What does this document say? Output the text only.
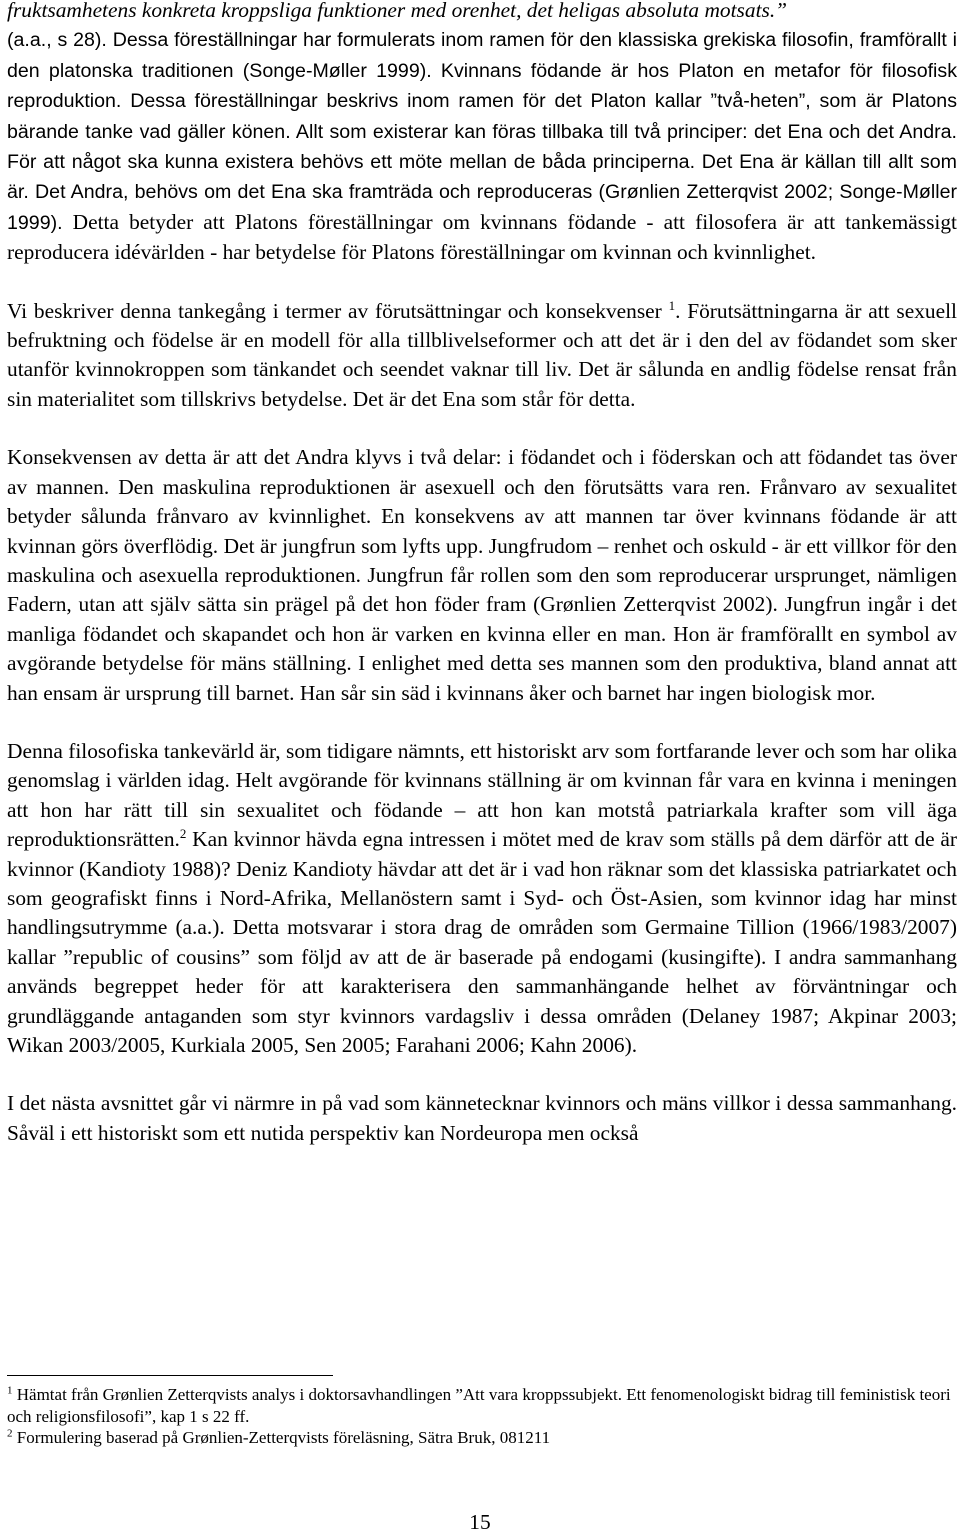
fruktsamhetens konkreta kroppsliga funktioner med orenhet, det heligas absoluta motsats.”
(a.a., s 28). Dessa föreställningar har formulerats inom ramen för den klassiska grekiska filosofin, framförallt i den platonska traditionen (Songe-Møller 1999). Kvinnans födande är hos Platon en metafor för filosofisk reproduktion. Dessa föreställningar beskrivs inom ramen för det Platon kallar ”två-heten”, som är Platons bärande tanke vad gäller könen. Allt som existerar kan föras tillbaka till två principer: det Ena och det Andra. För att något ska kunna existera behövs ett möte mellan de båda principerna. Det Ena är källan till allt som är. Det Andra, behövs om det Ena ska framträda och reproduceras (Grønlien Zetterqvist 2002; Songe-Møller 1999). Detta betyder att Platons föreställningar om kvinnans födande - att filosofera är att tankemässigt reproducera idévärlden - har betydelse för Platons föreställningar om kvinnan och kvinnlighet.

Vi beskriver denna tankegång i termer av förutsättningar och konsekvenser $^1$. Förutsättningarna är att sexuell befruktning och födelse är en modell för alla tillblivelseformer och att det är i den del av födandet som sker utanför kvinnokroppen som tänkandet och seendet vaknar till liv. Det är sålunda en andlig födelse rensat från sin materialitet som tillskrivs betydelse. Det är det Ena som står för detta.

Konsekvensen av detta är att det Andra klyvs i två delar: i födandet och i föderskan och att födandet tas över av mannen. Den maskulina reproduktionen är asexuell och den förutsätts vara ren. Frånvaro av sexualitet betyder sålunda frånvaro av kvinnlighet. En konsekvens av att mannen tar över kvinnans födande är att kvinnan görs överflödig. Det är jungfrun som lyfts upp. Jungfrudom – renhet och oskuld - är ett villkor för den maskulina och asexuella reproduktionen. Jungfrun får rollen som den som reproducerar ursprunget, nämligen Fadern, utan att själv sätta sin prägel på det hon föder fram (Grønlien Zetterqvist 2002). Jungfrun ingår i det manliga födandet och skapandet och hon är varken en kvinna eller en man. Hon är framförallt en symbol av avgörande betydelse för mäns ställning. I enlighet med detta ses mannen som den produktiva, bland annat att han ensam är ursprung till barnet. Han sår sin säd i kvinnans åker och barnet har ingen biologisk mor.

Denna filosofiska tankevärld är, som tidigare nämnts, ett historiskt arv som fortfarande lever och som har olika genomslag i världen idag. Helt avgörande för kvinnans ställning är om kvinnan får vara en kvinna i meningen att hon har rätt till sin sexualitet och födande – att hon kan motstå patriarkala krafter som vill äga reproduktionsrätten.$^2$ Kan kvinnor hävda egna intressen i mötet med de krav som ställs på dem därför att de är kvinnor (Kandioty 1988)? Deniz Kandioty hävdar att det är i vad hon räknar som det klassiska patriarkatet och som geografiskt finns i Nord-Afrika, Mellanöstern samt i Syd- och Öst-Asien, som kvinnor idag har minst handlingsutrymme (a.a.). Detta motsvarar i stora drag de områden som Germaine Tillion (1966/1983/2007) kallar ”republic of cousins” som följd av att de är baserade på endogami (kusingifte). I andra sammanhang används begreppet heder för att karakterisera den sammanhängande helhet av förväntningar och grundläggande antaganden som styr kvinnors vardagsliv i dessa områden (Delaney 1987; Akpinar 2003; Wikan 2003/2005, Kurkiala 2005, Sen 2005; Farahani 2006; Kahn 2006).

I det nästa avsnittet går vi närmre in på vad som kännetecknar kvinnors och mäns villkor i dessa sammanhang. Såväl i ett historiskt som ett nutida perspektiv kan Nordeuropa men också

$^1$ Hämtat från Grønlien Zetterqvists analys i doktorsavhandlingen ”Att vara kroppssubjekt. Ett fenomenologiskt bidrag till feministisk teori och religionsfilosofi”, kap 1 s 22 ff.

$^2$ Formulering baserad på Grønlien-Zetterqvists föreläsning, Sätra Bruk, 081211

15
